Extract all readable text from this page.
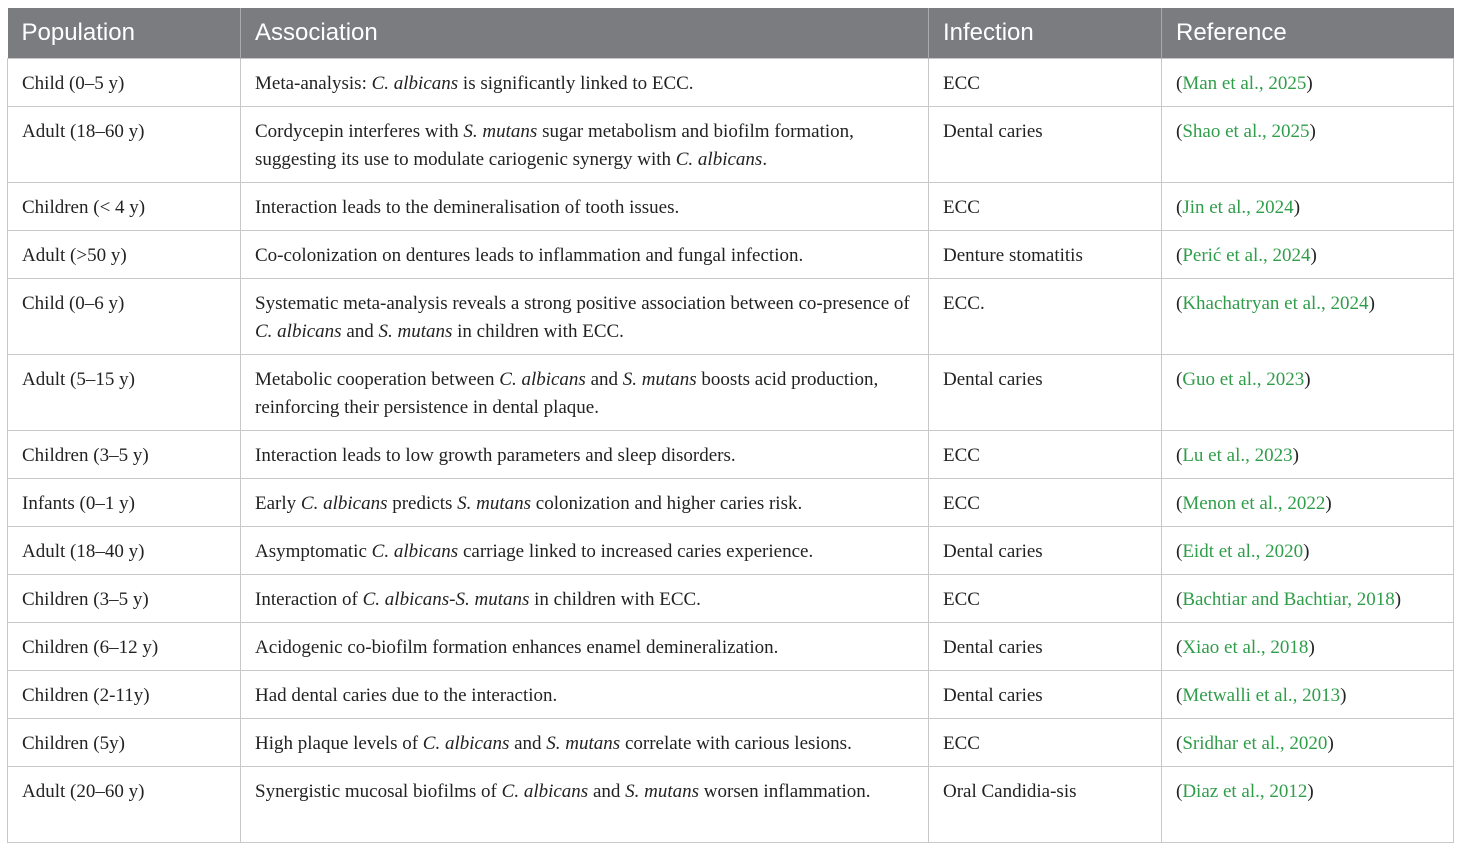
Population	Association	Infection	Reference
Child (0–5 y)	Meta-analysis: C. albicans is significantly linked to ECC.	ECC	(Man et al., 2025)
Adult (18–60 y)	Cordycepin interferes with S. mutans sugar metabolism and biofilm formation, suggesting its use to modulate cariogenic synergy with C. albicans.	Dental caries	(Shao et al., 2025)
Children (< 4 y)	Interaction leads to the demineralisation of tooth issues.	ECC	(Jin et al., 2024)
Adult (>50 y)	Co-colonization on dentures leads to inflammation and fungal infection.	Denture stomatitis	(Perić et al., 2024)
Child (0–6 y)	Systematic meta-analysis reveals a strong positive association between co-presence of C. albicans and S. mutans in children with ECC.	ECC.	(Khachatryan et al., 2024)
Adult (5–15 y)	Metabolic cooperation between C. albicans and S. mutans boosts acid production, reinforcing their persistence in dental plaque.	Dental caries	(Guo et al., 2023)
Children (3–5 y)	Interaction leads to low growth parameters and sleep disorders.	ECC	(Lu et al., 2023)
Infants (0–1 y)	Early C. albicans predicts S. mutans colonization and higher caries risk.	ECC	(Menon et al., 2022)
Adult (18–40 y)	Asymptomatic C. albicans carriage linked to increased caries experience.	Dental caries	(Eidt et al., 2020)
Children (3–5 y)	Interaction of C. albicans-S. mutans in children with ECC.	ECC	(Bachtiar and Bachtiar, 2018)
Children (6–12 y)	Acidogenic co-biofilm formation enhances enamel demineralization.	Dental caries	(Xiao et al., 2018)
Children (2-11y)	Had dental caries due to the interaction.	Dental caries	(Metwalli et al., 2013)
Children (5y)	High plaque levels of C. albicans and S. mutans correlate with carious lesions.	ECC	(Sridhar et al., 2020)
Adult (20–60 y)	Synergistic mucosal biofilms of C. albicans and S. mutans worsen inflammation.	Oral Candidia-sis	(Diaz et al., 2012)
